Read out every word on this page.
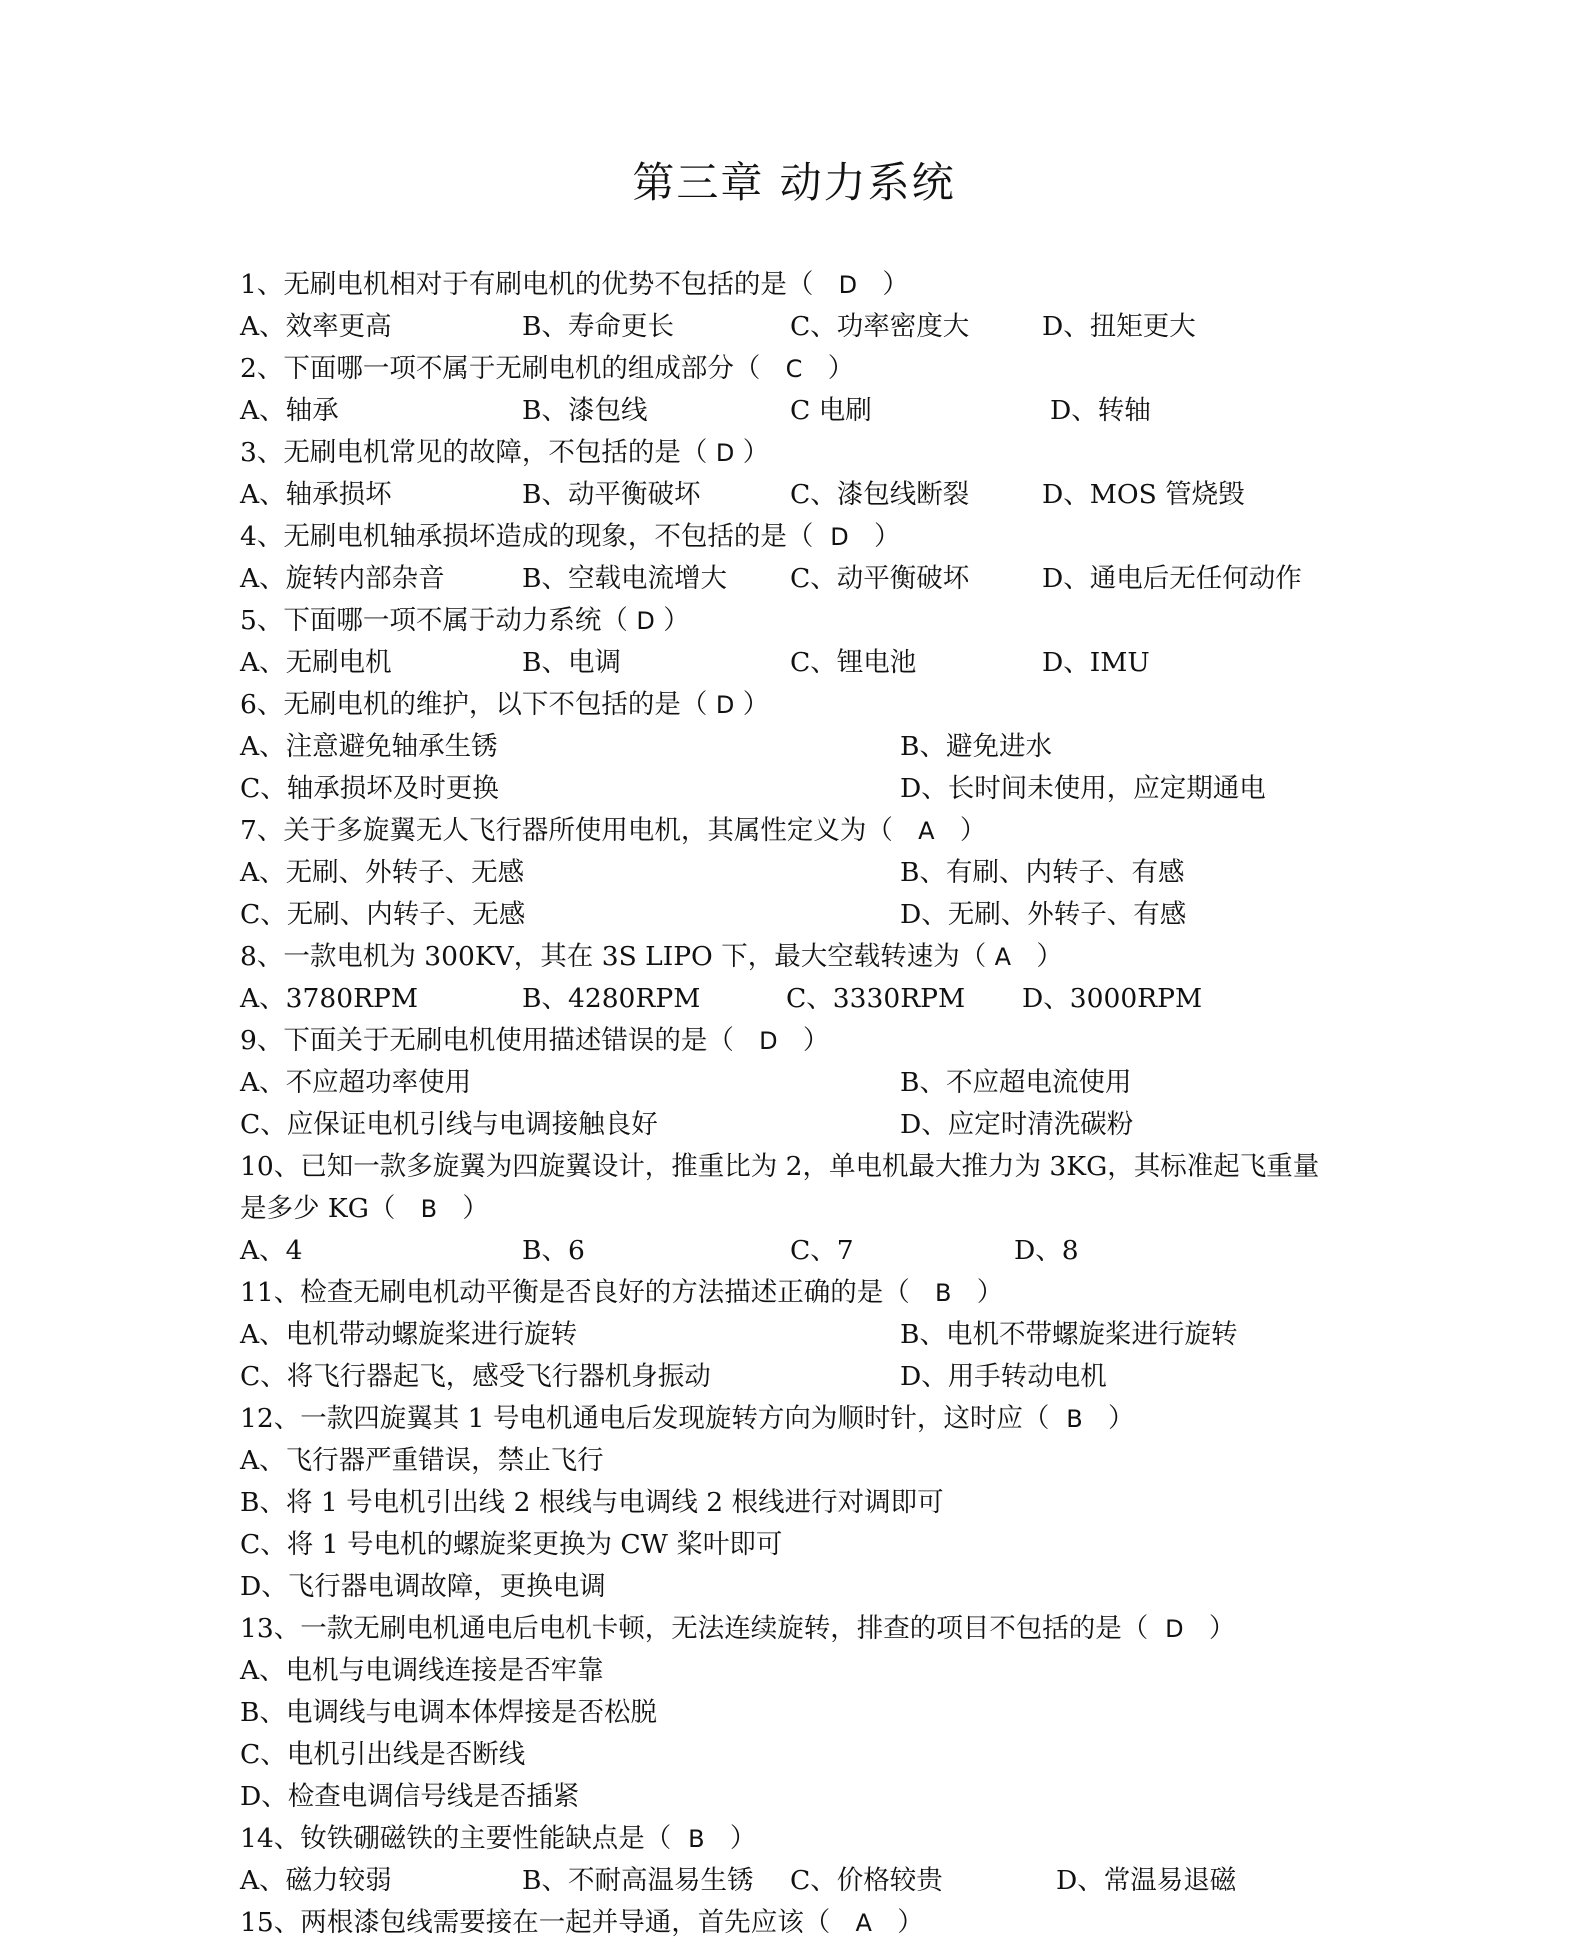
第三章 动力系统
1、无刷电机相对于有刷电机的优势不包括的是（ D ）
A、效率更高	B、寿命更长	C、功率密度大	D、扭矩更大
2、下面哪一项不属于无刷电机的组成部分（ C ）
A、轴承	B、漆包线	C 电刷	D、转轴
3、无刷电机常见的故障，不包括的是（ D ）
A、轴承损坏	B、动平衡破坏	C、漆包线断裂	D、MOS 管烧毁
4、无刷电机轴承损坏造成的现象，不包括的是（ D ）
A、旋转内部杂音	B、空载电流增大 C、动平衡破坏	D、通电后无任何动作
5、下面哪一项不属于动力系统（ D ）
A、无刷电机	B、电调	C、锂电池	D、IMU
6、无刷电机的维护，以下不包括的是（ D ）
A、注意避免轴承生锈	B、避免进水
C、轴承损坏及时更换	D、长时间未使用，应定期通电
7、关于多旋翼无人飞行器所使用电机，其属性定义为（ A ）
A、无刷、外转子、无感	B、有刷、内转子、有感
C、无刷、内转子、无感	D、无刷、外转子、有感
8、一款电机为 300KV，其在 3S LIPO 下，最大空载转速为（ A ）
A、3780RPM	B、4280RPM	C、3330RPM D、3000RPM
9、下面关于无刷电机使用描述错误的是（ D ）
A、不应超功率使用	B、不应超电流使用
C、应保证电机引线与电调接触良好	D、应定时清洗碳粉
10、已知一款多旋翼为四旋翼设计，推重比为 2，单电机最大推力为 3KG，其标准起飞重量
是多少 KG（ B ）
A、4	B、6	C、7	D、8
11、检查无刷电机动平衡是否良好的方法描述正确的是（ B ）
A、电机带动螺旋桨进行旋转	B、电机不带螺旋桨进行旋转
C、将飞行器起飞，感受飞行器机身振动	D、用手转动电机
12、一款四旋翼其 1 号电机通电后发现旋转方向为顺时针，这时应（ B ）
A、飞行器严重错误，禁止飞行
B、将 1 号电机引出线 2 根线与电调线 2 根线进行对调即可
C、将 1 号电机的螺旋桨更换为 CW 桨叶即可
D、飞行器电调故障，更换电调
13、一款无刷电机通电后电机卡顿，无法连续旋转，排查的项目不包括的是（ D ）
A、电机与电调线连接是否牢靠
B、电调线与电调本体焊接是否松脱
C、电机引出线是否断线
D、检查电调信号线是否插紧
14、钕铁硼磁铁的主要性能缺点是（ B ）
A、磁力较弱	B、不耐高温易生锈 C、价格较贵	D、常温易退磁
15、两根漆包线需要接在一起并导通，首先应该（ A ）
